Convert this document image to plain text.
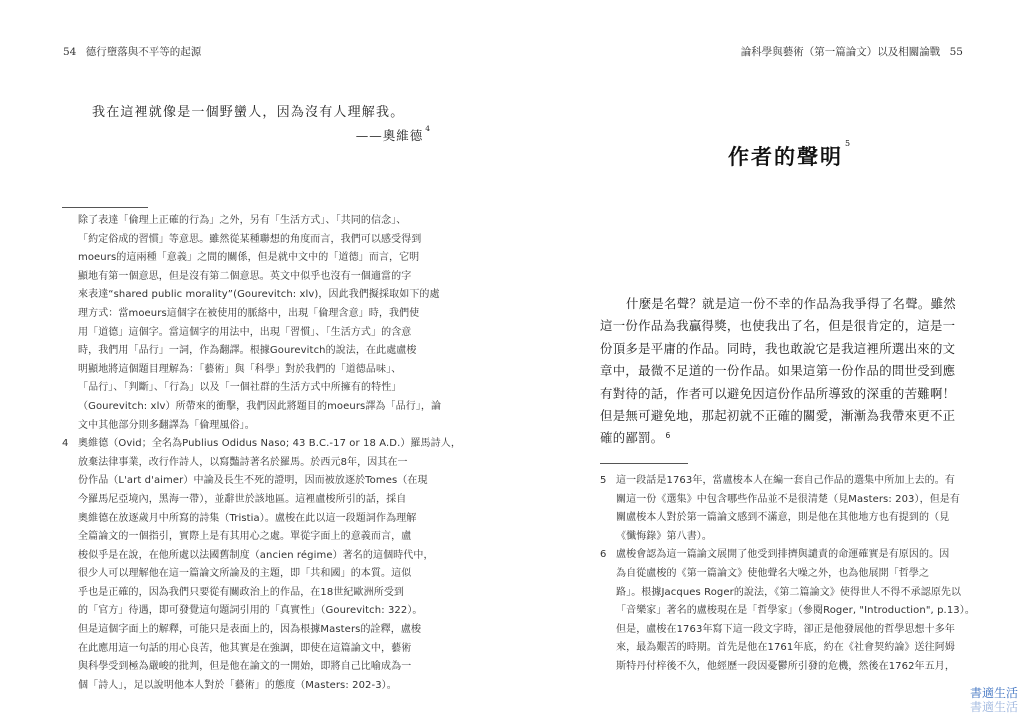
54 德行墮落與不平等的起源
我在這裡就像是一個野蠻人，因為沒有人理解我。
——奧維德 $^4$
除了表達「倫理上正確的行為」之外，另有「生活方式」、「共同的信念」、
「約定俗成的習慣」等意思。雖然從某種聯想的角度而言，我們可以感受得到
moeurs的這兩種「意義」之間的關係，但是就中文中的「道德」而言，它明
顯地有第一個意思，但是沒有第二個意思。英文中似乎也沒有一個適當的字
來表達“shared public morality”(Gourevitch: xlv)，因此我們擬採取如下的處
理方式：當moeurs這個字在被使用的脈絡中，出現「倫理含意」時，我們使
用「道德」這個字。當這個字的用法中，出現「習慣」、「生活方式」的含意
時，我們用「品行」一詞，作為翻譯。根據Gourevitch的說法，在此處盧梭
明顯地將這個題目理解為：「藝術」與「科學」對於我們的「道德品味」、
「品行」、「判斷」、「行為」以及「一個社群的生活方式中所擁有的特性」
（Gourevitch: xlv）所帶來的衝擊，我們因此將題目的moeurs譯為「品行」，論
文中其他部分則多翻譯為「倫理風俗」。
4 奧維德（Ovid；全名為Publius Odidus Naso; 43 B.C.-17 or 18 A.D.）羅馬詩人，
放棄法律事業，改行作詩人，以寫豔詩著名於羅馬。於西元8年，因其在一
份作品（L'art d'aimer）中論及長生不死的證明，因而被放逐於Tomes（在現
今羅馬尼亞境內，黑海一帶），並辭世於該地區。這裡盧梭所引的話，採自
奧維德在放逐歲月中所寫的詩集（Tristia）。盧梭在此以這一段題詞作為理解
全篇論文的一個指引，實際上是有其用心之處。單從字面上的意義而言，盧
梭似乎是在說，在他所處以法國舊制度（ancien régime）著名的這個時代中，
很少人可以理解他在這一篇論文所論及的主題，即「共和國」的本質。這似
乎也是正確的，因為我們只要從有關政治上的作品，在18世紀歐洲所受到
的「官方」待遇，即可發覺這句題詞引用的「真實性」（Gourevitch: 322）。
但是這個字面上的解釋，可能只是表面上的，因為根據Masters的詮釋，盧梭
在此應用這一句話的用心良苦，他其實是在強調，即使在這篇論文中，藝術
與科學受到極為嚴峻的批判，但是他在論文的一開始，即將自己比喻成為一
個「詩人」，足以說明他本人對於「藝術」的態度（Masters: 202-3）。
論科學與藝術（第一篇論文）以及相關論戰 55
作者的聲明$^5$
什麼是名聲？就是這一份不幸的作品為我爭得了名聲。雖然
這一份作品為我贏得獎，也使我出了名，但是很肯定的，這是一
份頂多是平庸的作品。同時，我也敢說它是我這裡所選出來的文
章中，最微不足道的一份作品。如果這第一份作品的問世受到應
有對待的話，作者可以避免因這份作品所導致的深重的苦難啊！
但是無可避免地，那起初就不正確的關愛，漸漸為我帶來更不正
確的鄙罰。 $^6$
5 這一段話是1763年，當盧梭本人在編一套自己作品的選集中所加上去的。有
關這一份《選集》中包含哪些作品並不是很清楚（見Masters: 203），但是有
關盧梭本人對於第一篇論文感到不滿意，則是他在其他地方也有提到的（見
《懺悔錄》第八書）。
6 盧梭會認為這一篇論文展開了他受到排擠與譴責的命運確實是有原因的。因
為自從盧梭的《第一篇論文》使他聲名大噪之外，也為他展開「哲學之
路」。根據Jacques Roger的說法，《第二篇論文》使得世人不得不承認原先以
「音樂家」著名的盧梭現在是「哲學家」（參閱Roger, "Introduction", p.13）。
但是，盧梭在1763年寫下這一段文字時，卻正是他發展他的哲學思想十多年
來，最為艱苦的時期。首先是他在1761年底，約在《社會契約論》送往阿姆
斯特丹付梓後不久，他經歷一段因憂鬱所引發的危機，然後在1762年五月，
書適生活
書適生活
